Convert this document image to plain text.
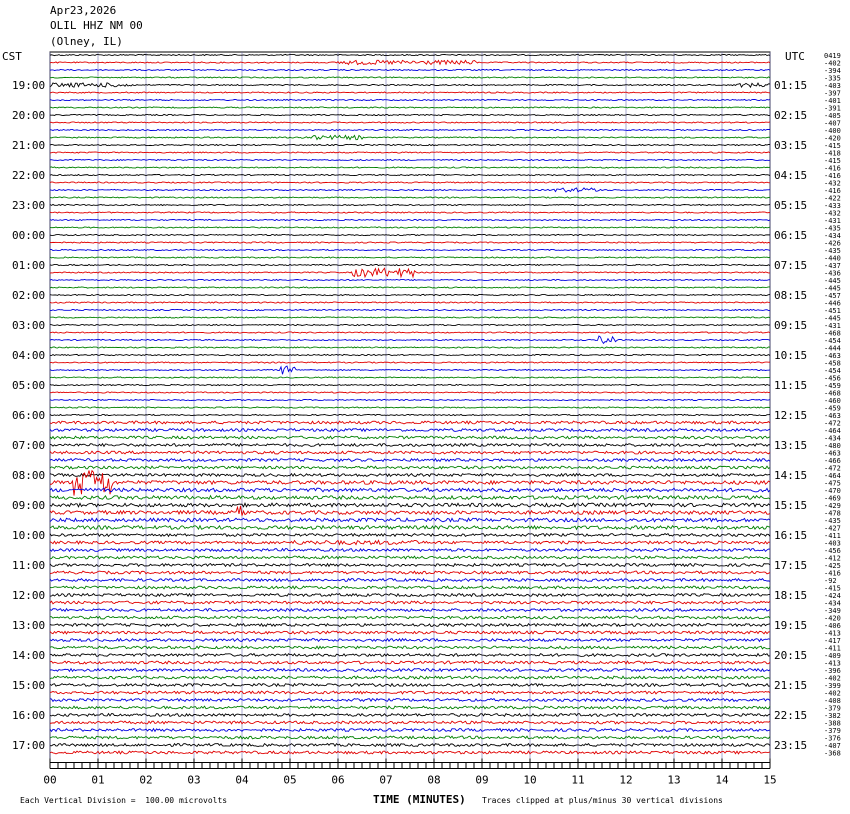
Apr23,2026
OLIL HHZ NM 00
(Olney, IL)
CST	UTC
00	01	02	03	04	05	06	07	08	09	10	11	12	13	14	15
0419
-402
-394
-335
-403
-397
-401
-391
-405
-407
-400
-420
-415
-418
-415
-416
-416
-432
-416
-422
-433
-432
-431
-435
-434
-426
-435
-440
-437
-436
-445
-445
-457
-446
-451
-445
-431
-468
-454
-444
-463
-458
-454
-456
-459
-468
-460
-459
-463
-472
-464
-434
-480
-463
-466
-472
-464
-475
-470
-469
-429
-478
-435
-427
-411
-403
-456
-412
-425
-416
-92
-415
-424
-434
-349
-420
-406
-413
-417
-411
-409
-413
-396
-402
-399
-402
-408
-379
-382
-388
-379
-376
-407
-368
19:00
20:00
21:00
22:00
23:00
00:00
01:00
02:00
03:00
04:00
05:00
06:00
07:00
08:00
09:00
10:00
11:00
12:00
13:00
14:00
15:00
16:00
17:00
01:15
02:15
03:15
04:15
05:15
06:15
07:15
08:15
09:15
10:15
11:15
12:15
13:15
14:15
15:15
16:15
17:15
18:15
19:15
20:15
21:15
22:15
23:15
TIME (MINUTES)
Each Vertical Division =  100.00 microvolts	Traces clipped at plus/minus 30 vertical divisions
